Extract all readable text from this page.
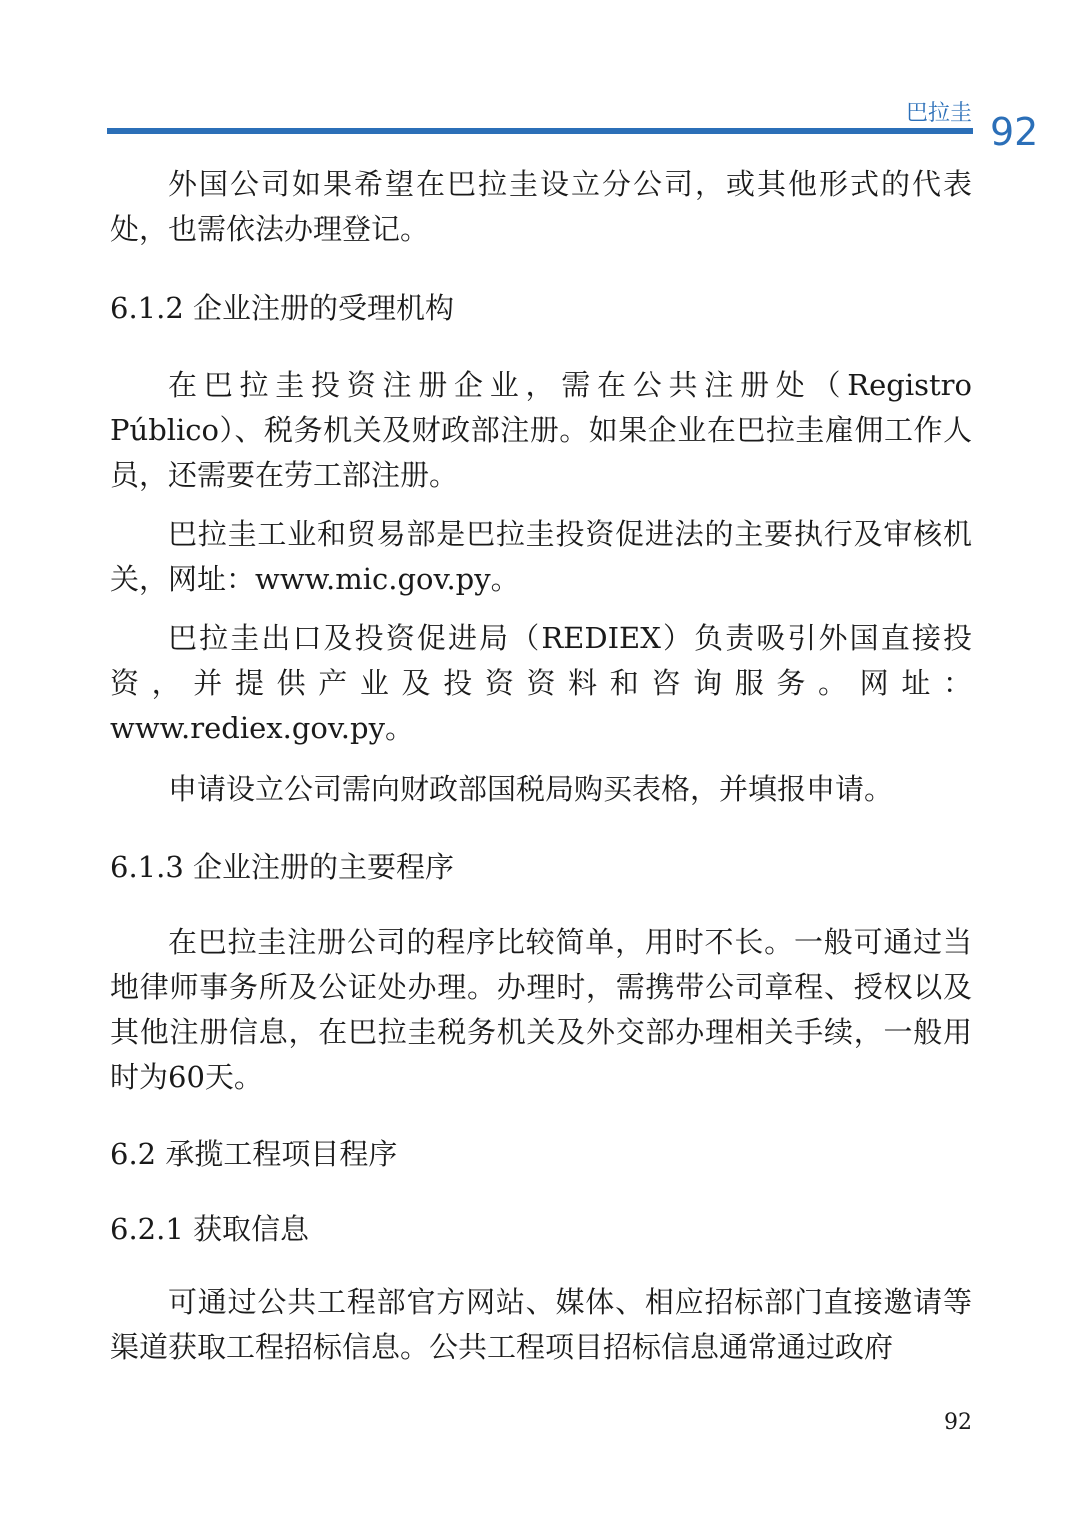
巴拉圭 92

外国公司如果希望在巴拉圭设立分公司，或其他形式的代表处，也需依法办理登记。

6.1.2 企业注册的受理机构

在巴拉圭投资注册企业，需在公共注册处（Registro Público）、税务机关及财政部注册。如果企业在巴拉圭雇佣工作人员，还需要在劳工部注册。

巴拉圭工业和贸易部是巴拉圭投资促进法的主要执行及审核机关，网址：www.mic.gov.py。

巴拉圭出口及投资促进局（REDIEX）负责吸引外国直接投资，并提供产业及投资资料和咨询服务。网址：

www.rediex.gov.py。

申请设立公司需向财政部国税局购买表格，并填报申请。

6.1.3 企业注册的主要程序

在巴拉圭注册公司的程序比较简单，用时不长。一般可通过当地律师事务所及公证处办理。办理时，需携带公司章程、授权以及其他注册信息，在巴拉圭税务机关及外交部办理相关手续，一般用时为60天。

6.2 承揽工程项目程序
6.2.1 获取信息

可通过公共工程部官方网站、媒体、相应招标部门直接邀请等渠道获取工程招标信息。公共工程项目招标信息通常通过政府

92
